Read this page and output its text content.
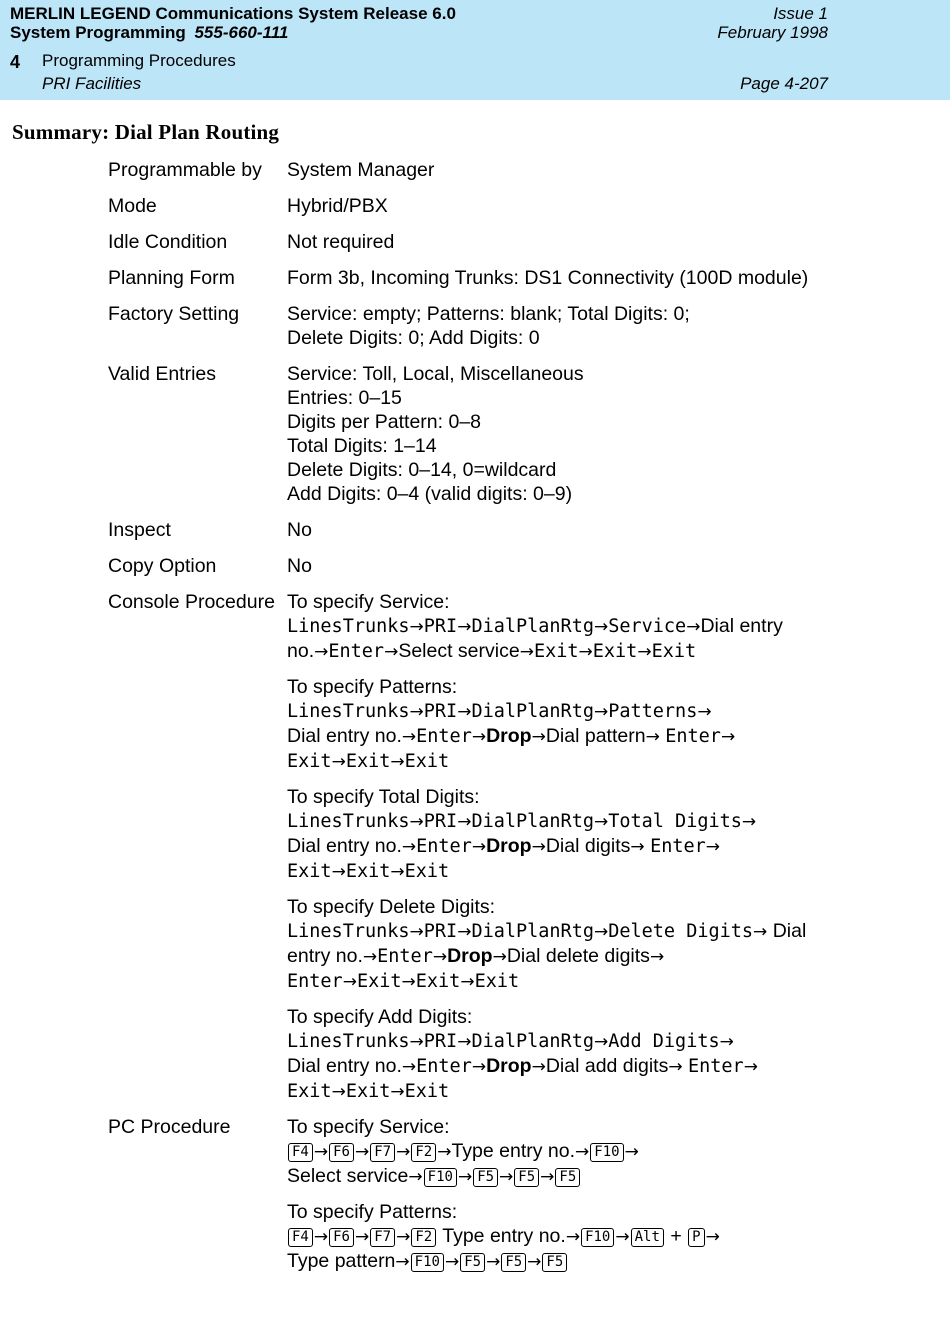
MERLIN LEGEND Communications System Release 6.0
System Programming 555-660-111
Issue 1
February 1998
4 Programming Procedures
PRI Facilities	Page 4-207
Summary: Dial Plan Routing
Programmable by	System Manager
Mode	Hybrid/PBX
Idle Condition	Not required
Planning Form	Form 3b, Incoming Trunks: DS1 Connectivity (100D module)
Factory Setting	Service: empty; Patterns: blank; Total Digits: 0;
Delete Digits: 0; Add Digits: 0
Valid Entries	Service: Toll, Local, Miscellaneous
Entries: 0–15
Digits per Pattern: 0–8
Total Digits: 1–14
Delete Digits: 0–14, 0=wildcard
Add Digits: 0–4 (valid digits: 0–9)
Inspect	No
Copy Option	No
Console Procedure To specify Service:
LinesTrunks→PRI→DialPlanRtg→Service→Dial entry
no.→Enter→Select service→Exit→Exit→Exit
To specify Patterns:
LinesTrunks→PRI→DialPlanRtg→Patterns→
Dial entry no.→Enter→Drop→Dial pattern→ Enter→
Exit→Exit→Exit
To specify Total Digits:
LinesTrunks→PRI→DialPlanRtg→Total Digits→
Dial entry no.→Enter→Drop→Dial digits→ Enter→
Exit→Exit→Exit
To specify Delete Digits:
LinesTrunks→PRI→DialPlanRtg→Delete Digits→ Dial
entry no.→Enter→Drop→Dial delete digits→
Enter→Exit→Exit→Exit
To specify Add Digits:
LinesTrunks→PRI→DialPlanRtg→Add Digits→
Dial entry no.→Enter→Drop→Dial add digits→ Enter→
Exit→Exit→Exit
PC Procedure	To specify Service:
F4 → F6 → F7 → F2 →Type entry no.→ F10 →
Select service→ F10 → F5 → F5 → F5
To specify Patterns:
F4 → F6 → F7 → F2 Type entry no.→ F10 → Alt + P →
Type pattern→ F10 → F5 → F5 → F5
